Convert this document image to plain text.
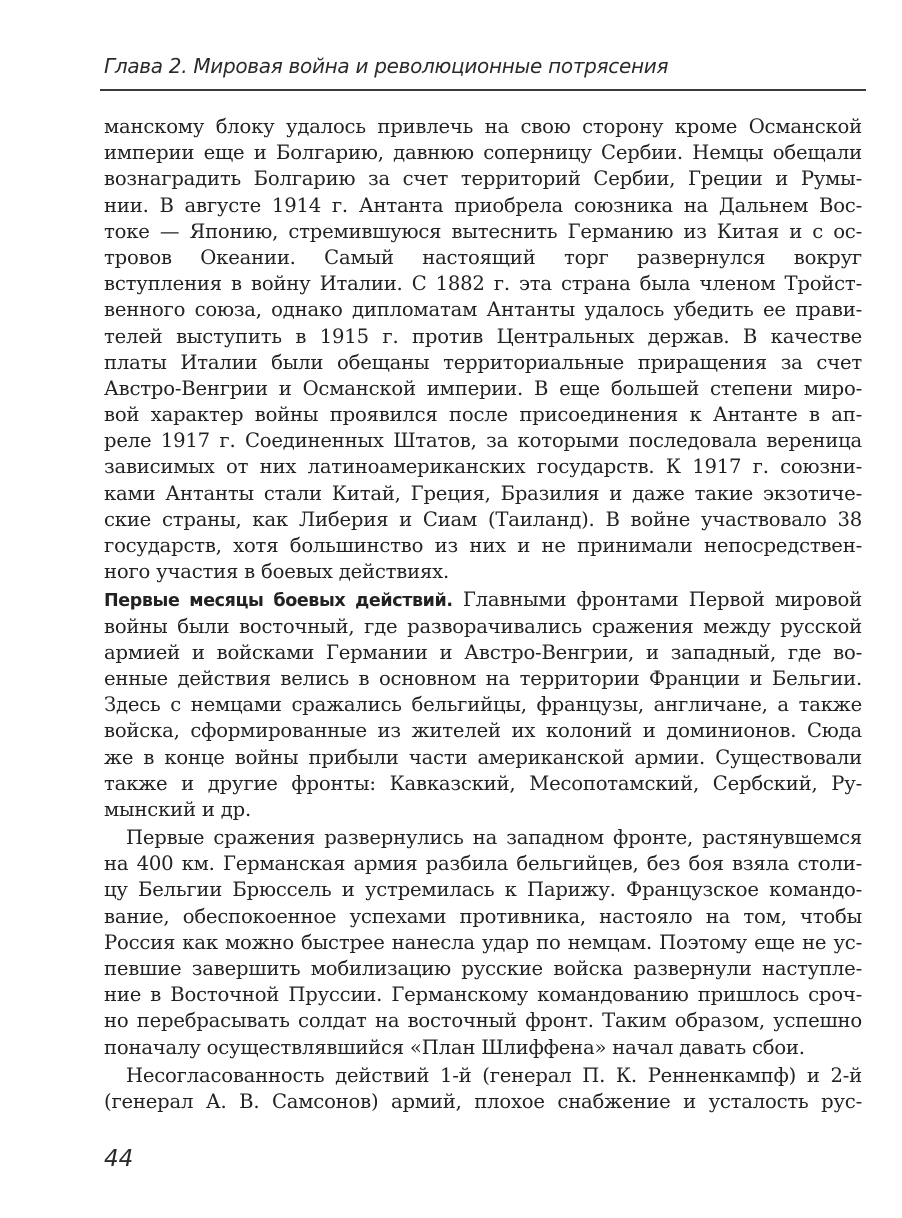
Глава 2. Мировая война и революционные потрясения
манскому блоку удалось привлечь на свою сторону кроме Османской
империи еще и Болгарию, давнюю соперницу Сербии. Немцы обещали
вознаградить Болгарию за счет территорий Сербии, Греции и Румы-
нии. В августе 1914 г. Антанта приобрела союзника на Дальнем Вос-
токе — Японию, стремившуюся вытеснить Германию из Китая и с ос-
тровов Океании. Самый настоящий торг развернулся вокруг
вступления в войну Италии. С 1882 г. эта страна была членом Тройст-
венного союза, однако дипломатам Антанты удалось убедить ее прави-
телей выступить в 1915 г. против Центральных держав. В качестве
платы Италии были обещаны территориальные приращения за счет
Австро-Венгрии и Османской империи. В еще большей степени миро-
вой характер войны проявился после присоединения к Антанте в ап-
реле 1917 г. Соединенных Штатов, за которыми последовала вереница
зависимых от них латиноамериканских государств. К 1917 г. союзни-
ками Антанты стали Китай, Греция, Бразилия и даже такие экзотиче-
ские страны, как Либерия и Сиам (Таиланд). В войне участвовало 38
государств, хотя большинство из них и не принимали непосредствен-
ного участия в боевых действиях.
Первые месяцы боевых действий. Главными фронтами Первой мировой
войны были восточный, где разворачивались сражения между русской
армией и войсками Германии и Австро-Венгрии, и западный, где во-
енные действия велись в основном на территории Франции и Бельгии.
Здесь с немцами сражались бельгийцы, французы, англичане, а также
войска, сформированные из жителей их колоний и доминионов. Сюда
же в конце войны прибыли части американской армии. Существовали
также и другие фронты: Кавказский, Месопотамский, Сербский, Ру-
мынский и др.
Первые сражения развернулись на западном фронте, растянувшемся
на 400 км. Германская армия разбила бельгийцев, без боя взяла столи-
цу Бельгии Брюссель и устремилась к Парижу. Французское командо-
вание, обеспокоенное успехами противника, настояло на том, чтобы
Россия как можно быстрее нанесла удар по немцам. Поэтому еще не ус-
певшие завершить мобилизацию русские войска развернули наступле-
ние в Восточной Пруссии. Германскому командованию пришлось сроч-
но перебрасывать солдат на восточный фронт. Таким образом, успешно
поначалу осуществлявшийся «План Шлиффена» начал давать сбои.
Несогласованность действий 1-й (генерал П. К. Ренненкампф) и 2-й
(генерал А. В. Самсонов) армий, плохое снабжение и усталость рус-
44
